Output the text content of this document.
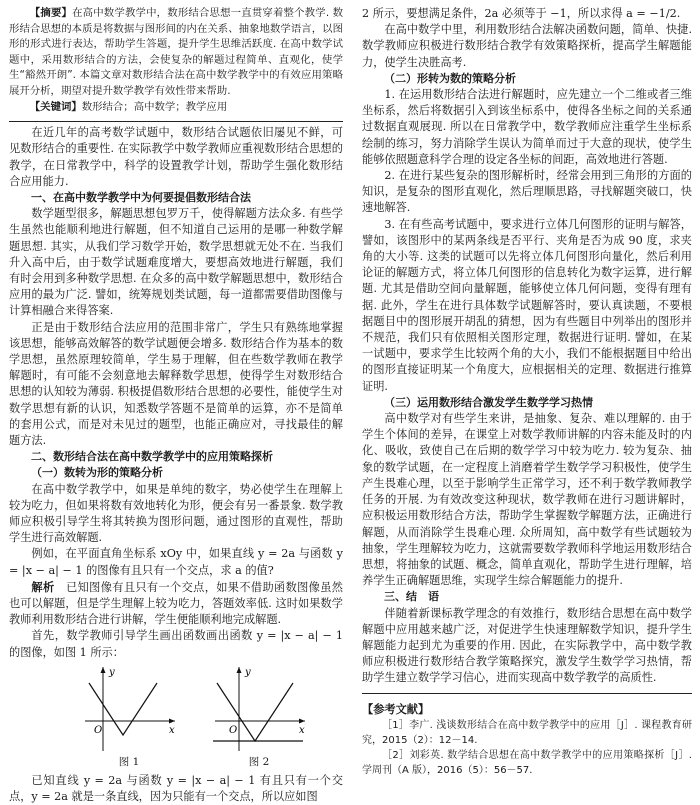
【摘要】在高中数学教学中，数形结合思想一直贯穿着整个教学. 数形结合思想的本质是将数据与图形间的内在关系、抽象地数学语言，以图形的形式进行表达，帮助学生答题，提升学生思维活跃度. 在高中数学试题中，采用数形结合的方法，会使复杂的解题过程简单、直观化，使学生“豁然开朗”. 本篇文章对数形结合法在高中数学教学中的有效应用策略展开分析，期望对提升数学教学有效性带来帮助.

【关键词】数形结合；高中数学；教学应用

在近几年的高考数学试题中，数形结合试题依旧屡见不鲜，可见数形结合的重要性. 在实际教学中数学教师应重视数形结合思想的教学，在日常教学中，科学的设置教学计划，帮助学生强化数形结合应用能力.

一、在高中数学教学中为何要提倡数形结合法

数学题型很多，解题思想包罗万千，使得解题方法众多. 有些学生虽然也能顺利地进行解题，但不知道自己运用的是哪一种数学解题思想. 其实，从我们学习数学开始，数学思想就无处不在. 当我们升入高中后，由于数学试题难度增大，要想高效地进行解题，我们有时会用到多种数学思想. 在众多的高中数学解题思想中，数形结合应用的最为广泛. 譬如，统筹规划类试题，每一道都需要借助图像与计算相融合来得答案.

正是由于数形结合法应用的范围非常广，学生只有熟练地掌握该思想，能够高效解答的数学试题便会增多. 数形结合作为基本的数学思想，虽然原理较简单，学生易于理解，但在些数学教师在教学解题时，有可能不会刻意地去解释数学思想，使得学生对数形结合思想的认知较为薄弱. 积极提倡数形结合思想的必要性，能使学生对数学思想有新的认识，知悉数学答题不是简单的运算，亦不是简单的套用公式，而是对未见过的题型，也能正确应对，寻找最佳的解题方法.

二、数形结合法在高中数学教学中的应用策略探析

（一）数转为形的策略分析

在高中数学教学中，如果是单纯的数字，势必使学生在理解上较为吃力，但如果将数有效地转化为形，便会有另一番景象. 数学教师应积极引导学生将其转换为图形问题，通过图形的直观性，帮助学生进行高效解题.

例如，在平面直角坐标系 xOy 中，如果直线 y = 2a 与函数 y = |x − a| − 1 的图像有且只有一个交点，求 a 的值?

解析　 已知图像有且只有一个交点，如果不借助函数图像虽然也可以解题，但是学生理解上较为吃力，答题效率低. 这时如果数学教师利用数形结合进行讲解，学生便能顺利地完成解题.

首先，数学教师引导学生画出函数画出函数 y = |x − a| − 1 的图像，如图 1 所示：

y
x
O
图 1
y
x
O
图 2

已知直线 y = 2a 与函数 y = |x − a| − 1 有且只有一个交点，y = 2a 就是一条直线，因为只能有一个交点，所以应如图

2 所示，要想满足条件，2a 必须等于 −1，所以求得 a = −1/2.

在高中数学中里，利用数形结合法解决函数问题，简单、快捷. 数学教师应积极进行数形结合教学有效策略探析，提高学生解题能力，使学生决胜高考.

（二）形转为数的策略分析

1. 在运用数形结合法进行解题时，应先建立一个二维或者三维坐标系，然后将数据引入到该坐标系中，使得各坐标之间的关系通过数据直观展现. 所以在日常教学中，数学教师应注重学生坐标系绘制的练习，努力消除学生误认为简单而过于大意的现状，使学生能够依照题意科学合理的设定各坐标的间距，高效地进行答题.

2. 在进行某些复杂的图形解析时，经常会用到三角形的方面的知识，是复杂的图形直观化，然后理顺思路，寻找解题突破口，快速地解答.

3. 在有些高考试题中，要求进行立体几何图形的证明与解答，譬如，该图形中的某两条线是否平行、夹角是否为成 90 度，求夹角的大小等. 这类的试题可以先将立体几何图形向量化，然后利用论证的解题方式，将立体几何图形的信息转化为数字运算，进行解题. 尤其是借助空间向量解题，能够使立体几何问题，变得有理有据. 此外，学生在进行具体数学试题解答时，要认真读题，不要根据题目中的图形展开胡乱的猜想，因为有些题目中列举出的图形并不规范，我们只有依照相关图形定理，数据进行证明. 譬如，在某一试题中，要求学生比较两个角的大小，我们不能根据题目中给出的图形直接证明某一个角度大，应根据相关的定理、数据进行推算证明.

（三）运用数形结合激发学生数学学习热情

高中数学对有些学生来讲，是抽象、复杂、难以理解的. 由于学生个体间的差异，在课堂上对数学教师讲解的内容未能及时的内化、吸收，致使自己在后期的数学学习中较为吃力. 较为复杂、抽象的数学试题，在一定程度上消磨着学生数学学习积极性，使学生产生畏难心理，以至于影响学生正常学习，还不利于数学教师教学任务的开展. 为有效改变这种现状，数学教师在进行习题讲解时，应积极运用数形结合方法，帮助学生掌握数学解题方法，正确进行解题，从而消除学生畏难心理. 众所周知，高中数学有些试题较为抽象，学生理解较为吃力，这就需要数学教师科学地运用数形结合思想，将抽象的试题、概念，简单直观化，帮助学生进行理解，培养学生正确解题思维，实现学生综合解题能力的提升.

三、结　语

伴随着新课标教学理念的有效推行，数形结合思想在高中数学解题中应用越来越广泛，对促进学生快速理解数学知识，提升学生解题能力起到尤为重要的作用. 因此，在实际教学中，高中数学教师应积极进行数形结合教学策略探究，激发学生数学学习热情，帮助学生建立数学学习信心，进而实现高中数学教学的高质性.

【参考文献】

［1］李广. 浅谈数形结合在高中数学教学中的应用［J］. 课程教育研究，2015（2）：12－14.

［2］刘彩英. 数学结合思想在高中数学教学中的应用策略探析［J］. 学周刊（A 版），2016（5）：56－57.
